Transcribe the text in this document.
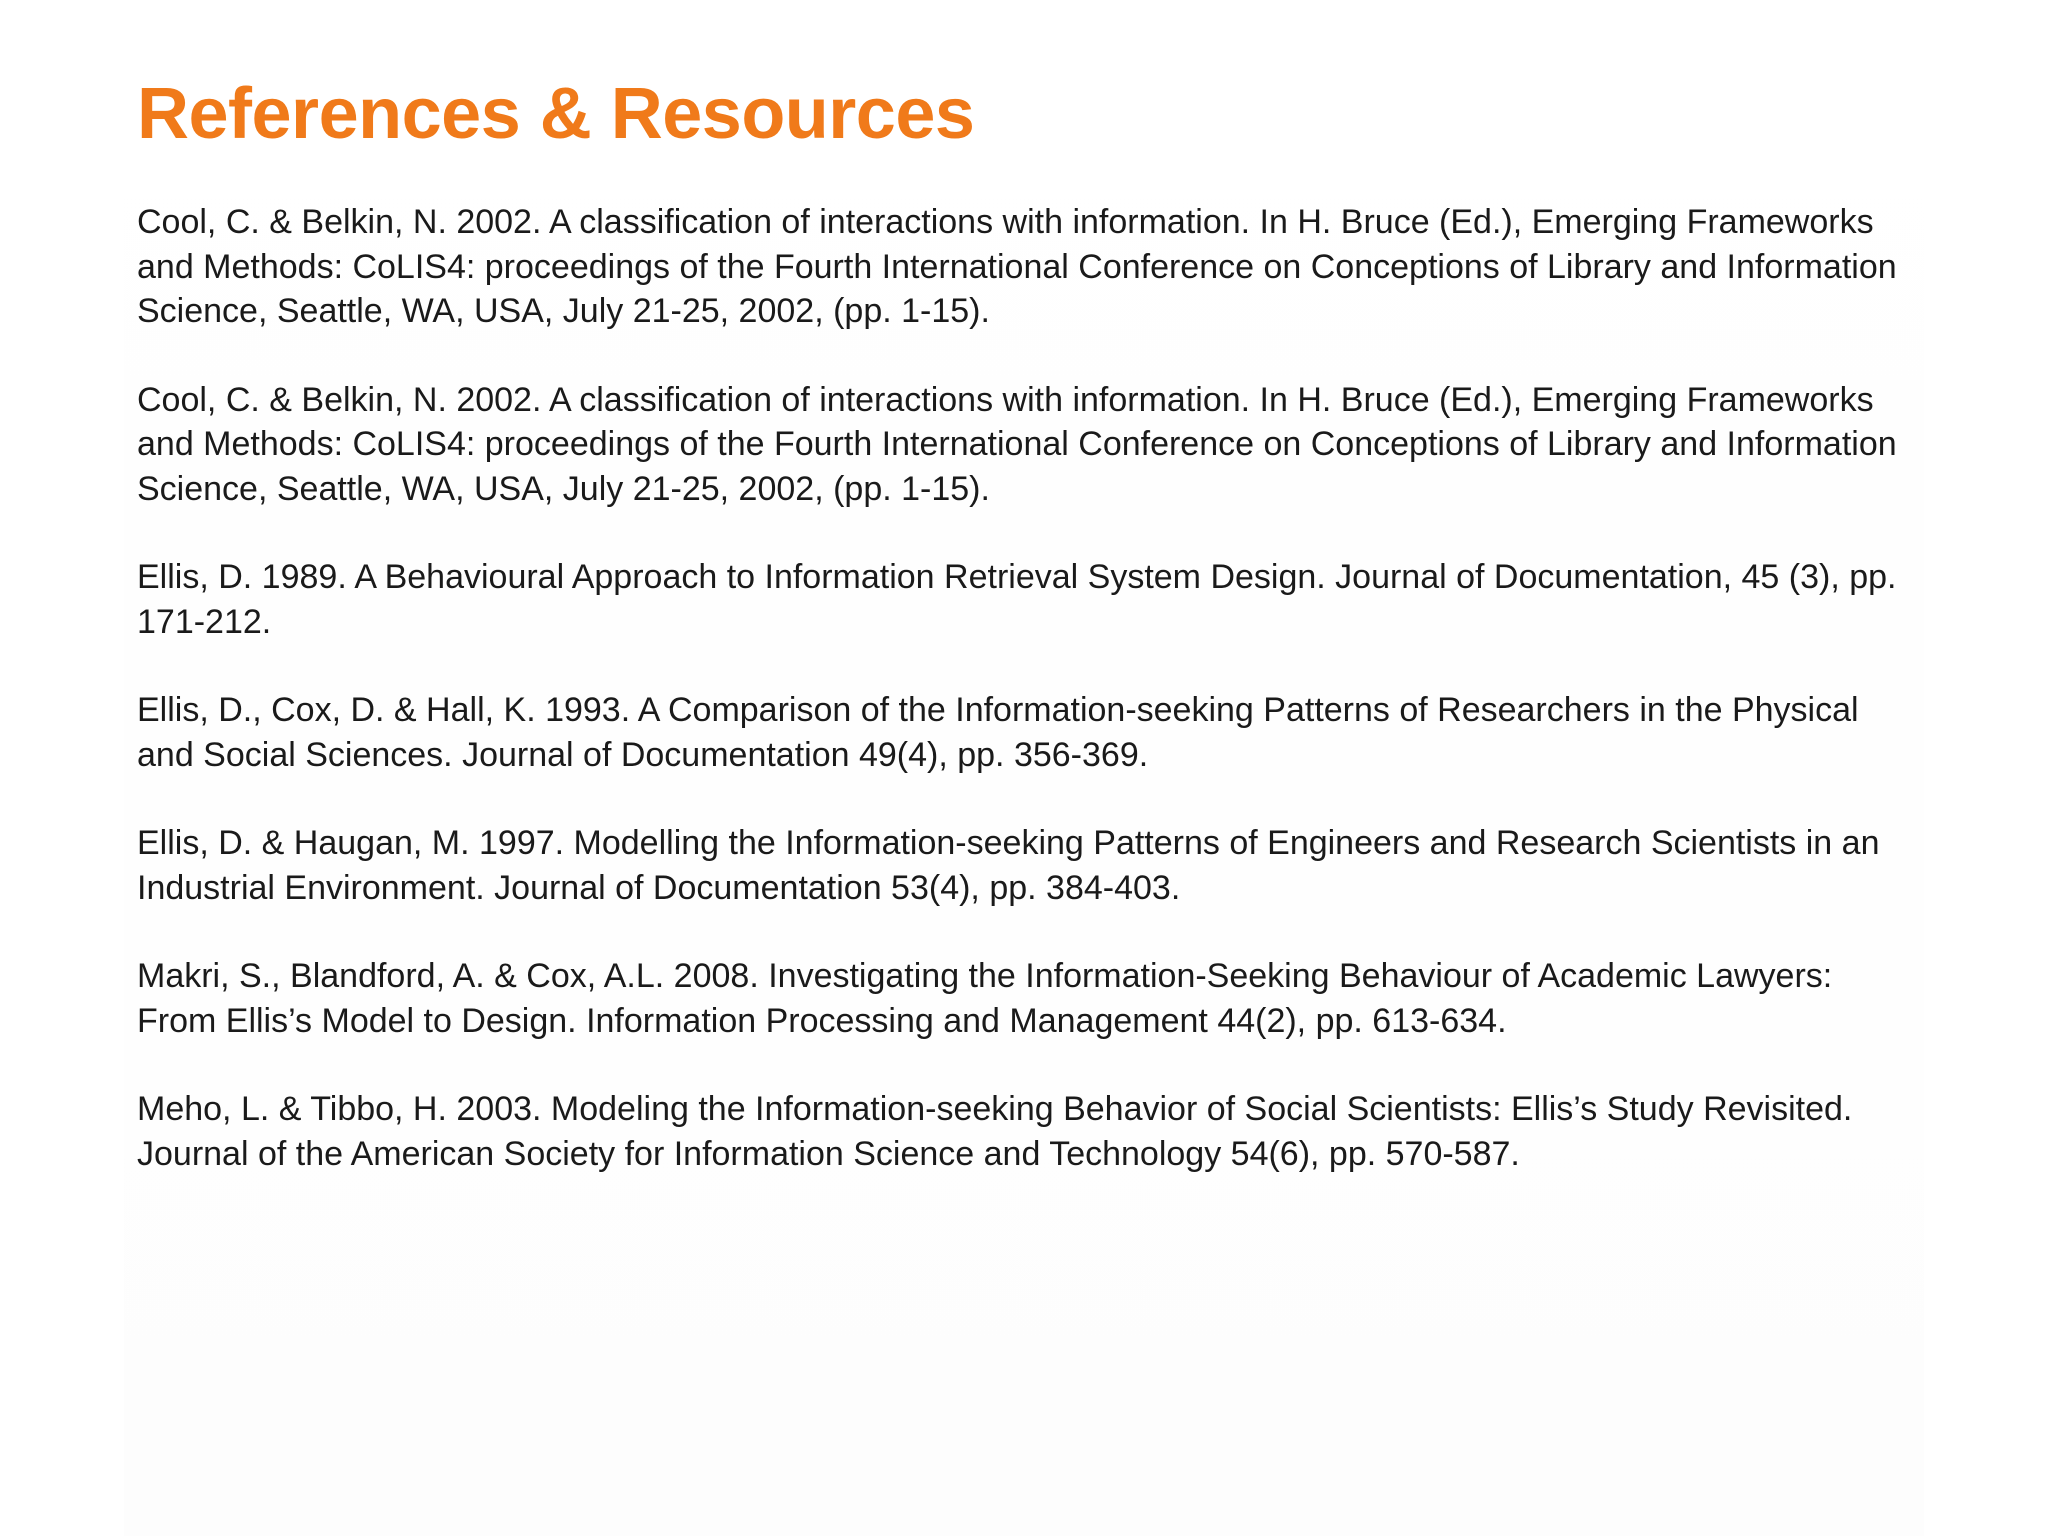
References & Resources
Cool, C. & Belkin, N. 2002. A classification of interactions with information. In H. Bruce (Ed.), Emerging Frameworks and Methods: CoLIS4: proceedings of the Fourth International Conference on Conceptions of Library and Information Science, Seattle, WA, USA, July 21-25, 2002, (pp. 1-15).
Cool, C. & Belkin, N. 2002. A classification of interactions with information. In H. Bruce (Ed.), Emerging Frameworks and Methods: CoLIS4: proceedings of the Fourth International Conference on Conceptions of Library and Information Science, Seattle, WA, USA, July 21-25, 2002, (pp. 1-15).
Ellis, D. 1989. A Behavioural Approach to Information Retrieval System Design. Journal of Documentation, 45 (3), pp. 171-212.
Ellis, D., Cox, D. & Hall, K. 1993. A Comparison of the Information-seeking Patterns of Researchers in the Physical and Social Sciences. Journal of Documentation 49(4), pp. 356-369.
Ellis, D. & Haugan, M. 1997. Modelling the Information-seeking Patterns of Engineers and Research Scientists in an Industrial Environment. Journal of Documentation 53(4), pp. 384-403.
Makri, S., Blandford, A. & Cox, A.L. 2008. Investigating the Information-Seeking Behaviour of Academic Lawyers: From Ellis’s Model to Design. Information Processing and Management 44(2), pp. 613-634.
Meho, L. & Tibbo, H. 2003. Modeling the Information-seeking Behavior of Social Scientists: Ellis’s Study Revisited. Journal of the American Society for Information Science and Technology 54(6), pp. 570-587.
